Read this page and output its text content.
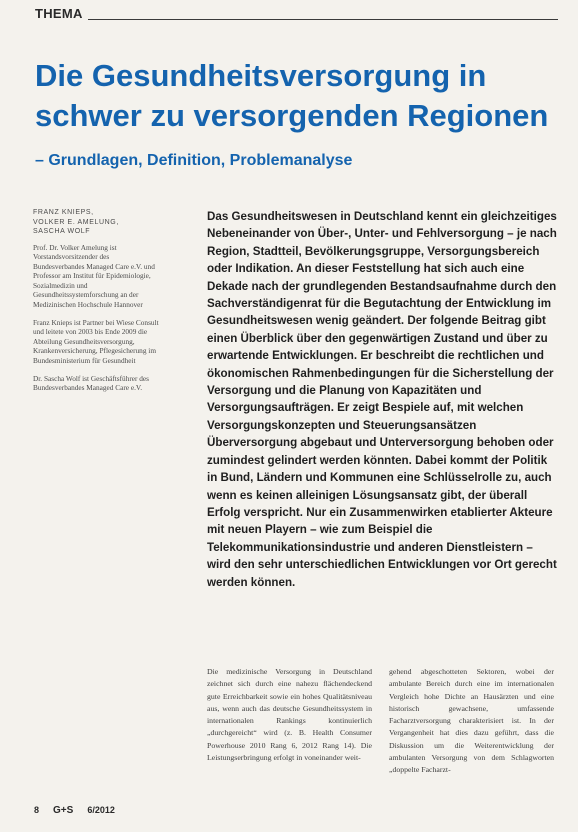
THEMA
Die Gesundheitsversorgung in schwer zu versorgenden Regionen
– Grundlagen, Definition, Problemanalyse
FRANZ KNIEPS,
VOLKER E. AMELUNG,
SASCHA WOLF

Prof. Dr. Volker Amelung ist Vorstandsvorsitzender des Bundesverbandes Managed Care e.V. und Professor am Institut für Epidemiologie, Sozialmedizin und Gesundheitssystemforschung an der Medizinischen Hochschule Hannover

Franz Knieps ist Partner bei Wiese Consult und leitete von 2003 bis Ende 2009 die Abteilung Gesundheitsversorgung, Krankenversicherung, Pflegesicherung im Bundesministerium für Gesundheit

Dr. Sascha Wolf ist Geschäftsführer des Bundesverbandes Managed Care e.V.

Das Gesundheitswesen in Deutschland kennt ein gleichzeitiges Nebeneinander von Über-, Unter- und Fehlversorgung – je nach Region, Stadtteil, Bevölkerungsgruppe, Versorgungsbereich oder Indikation. An dieser Feststellung hat sich auch eine Dekade nach der grundlegenden Bestandsaufnahme durch den Sachverständigenrat für die Begutachtung der Entwicklung im Gesundheitswesen wenig geändert. Der folgende Beitrag gibt einen Überblick über den gegenwärtigen Zustand und über zu erwartende Entwicklungen. Er beschreibt die rechtlichen und ökonomischen Rahmenbedingungen für die Sicherstellung der Versorgung und die Planung von Kapazitäten und Versorgungsaufträgen. Er zeigt Bespiele auf, mit welchen Versorgungskonzepten und Steuerungsansätzen Überversorgung abgebaut und Unterversorgung behoben oder zumindest gelindert werden könnten. Dabei kommt der Politik in Bund, Ländern und Kommunen eine Schlüsselrolle zu, auch wenn es keinen alleinigen Lösungsansatz gibt, der überall Erfolg verspricht. Nur ein Zusammenwirken etablierter Akteure mit neuen Playern – wie zum Beispiel die Telekommunikationsindustrie und anderen Dienstleistern – wird den sehr unterschiedlichen Entwicklungen vor Ort gerecht werden können.

Die medizinische Versorgung in Deutschland zeichnet sich durch eine nahezu flächendeckend gute Erreichbarkeit sowie ein hohes Qualitätsniveau aus, wenn auch das deutsche Gesundheitssystem in internationalen Rankings kontinuierlich „durchgereicht“ wird (z. B. Health Consumer Powerhouse 2010 Rang 6, 2012 Rang 14). Die Leistungserbringung erfolgt in voneinander weit-

gehend abgeschotteten Sektoren, wobei der ambulante Bereich durch eine im internationalen Vergleich hohe Dichte an Hausärzten und eine historisch gewachsene, umfassende Facharztversorgung charakterisiert ist. In der Vergangenheit hat dies dazu geführt, dass die Diskussion um die Weiterentwicklung der ambulanten Versorgung von dem Schlagworten „doppelte Facharzt-

8 G+S 6/2012
